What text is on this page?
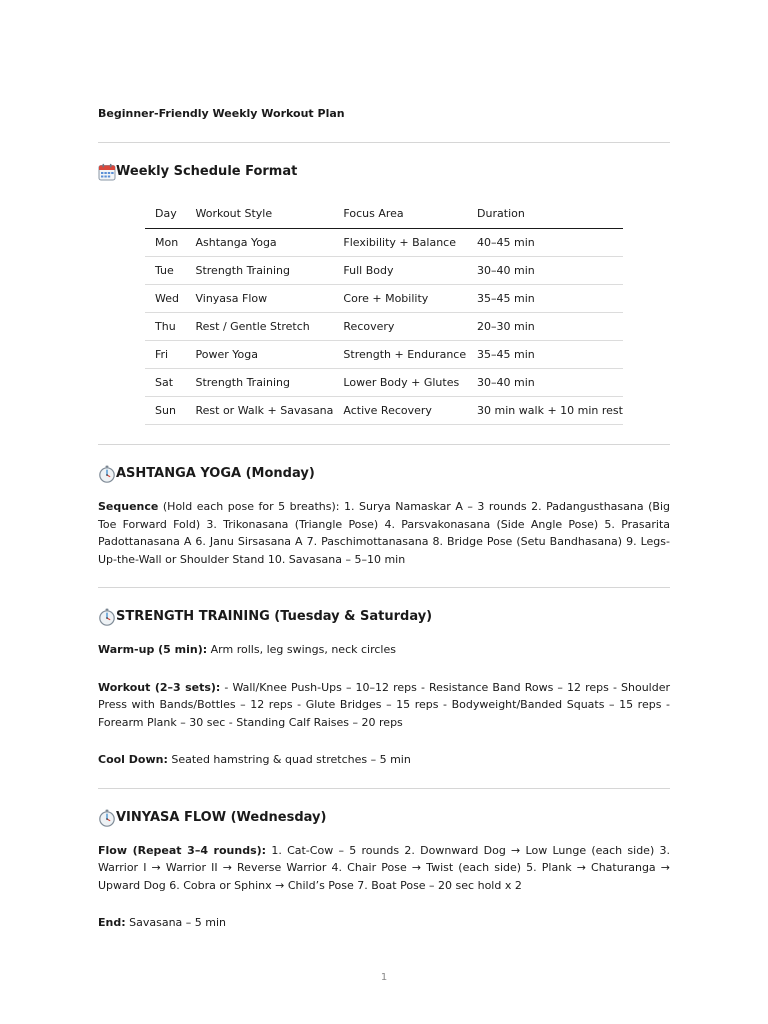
Beginner-Friendly Weekly Workout Plan

Weekly Schedule Format
Day	Workout Style	Focus Area	Duration
Mon	Ashtanga Yoga	Flexibility + Balance	40–45 min
Tue	Strength Training	Full Body	30–40 min
Wed	Vinyasa Flow	Core + Mobility	35–45 min
Thu	Rest / Gentle Stretch	Recovery	20–30 min
Fri	Power Yoga	Strength + Endurance	35–45 min
Sat	Strength Training	Lower Body + Glutes	30–40 min
Sun	Rest or Walk + Savasana	Active Recovery	30 min walk + 10 min rest
ASHTANGA YOGA (Monday)

Sequence (Hold each pose for 5 breaths): 1. Surya Namaskar A – 3 rounds 2. Padangusthasana (Big Toe Forward Fold) 3. Trikonasana (Triangle Pose) 4. Parsvakonasana (Side Angle Pose) 5. Prasarita Padottanasana A 6. Janu Sirsasana A 7. Paschimottanasana 8. Bridge Pose (Setu Bandhasana) 9. Legs-Up-the-Wall or Shoulder Stand 10. Savasana – 5–10 min

STRENGTH TRAINING (Tuesday & Saturday)

Warm-up (5 min): Arm rolls, leg swings, neck circles

Workout (2–3 sets): - Wall/Knee Push-Ups – 10–12 reps - Resistance Band Rows – 12 reps - Shoulder Press with Bands/Bottles – 12 reps - Glute Bridges – 15 reps - Bodyweight/Banded Squats – 15 reps - Forearm Plank – 30 sec - Standing Calf Raises – 20 reps

Cool Down: Seated hamstring & quad stretches – 5 min

VINYASA FLOW (Wednesday)

Flow (Repeat 3–4 rounds): 1. Cat-Cow – 5 rounds 2. Downward Dog → Low Lunge (each side) 3. Warrior I → Warrior II → Reverse Warrior 4. Chair Pose → Twist (each side) 5. Plank → Chaturanga → Upward Dog 6. Cobra or Sphinx → Child’s Pose 7. Boat Pose – 20 sec hold x 2

End: Savasana – 5 min

1
